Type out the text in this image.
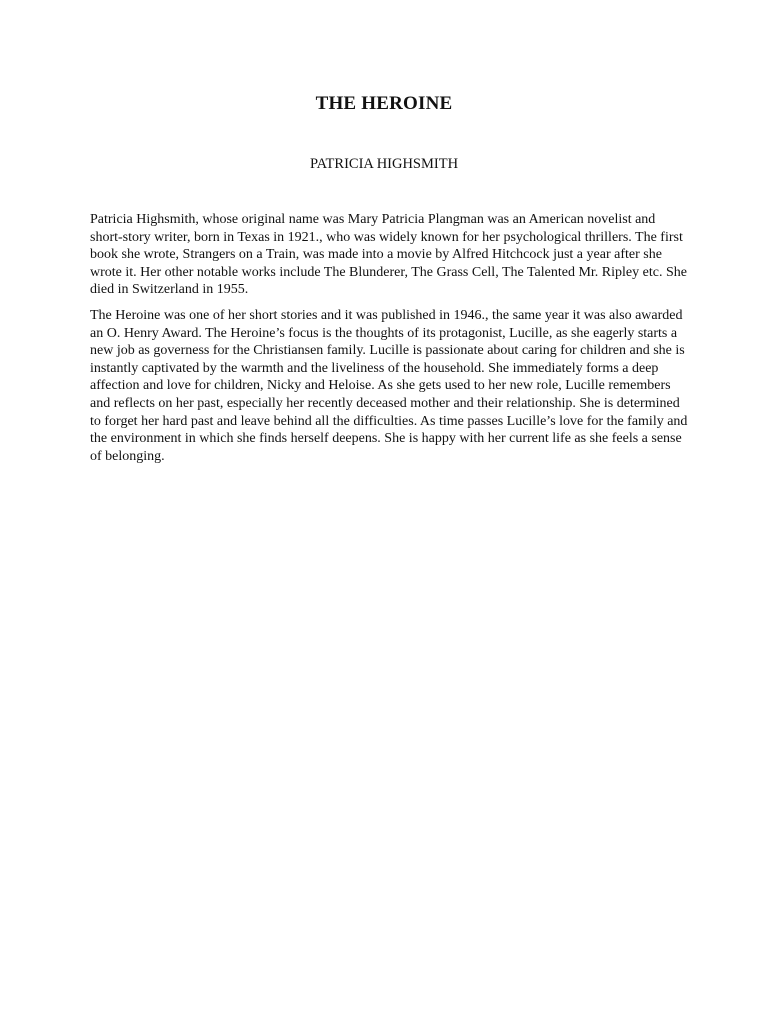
THE HEROINE

PATRICIA HIGHSMITH

Patricia Highsmith, whose original name was Mary Patricia Plangman was an American novelist and short-story writer, born in Texas in 1921., who was widely known for her psychological thrillers. The first book she wrote, Strangers on a Train, was made into a movie by Alfred Hitchcock just a year after she wrote it. Her other notable works include The Blunderer, The Grass Cell, The Talented Mr. Ripley etc. She died in Switzerland in 1955.

The Heroine was one of her short stories and it was published in 1946., the same year it was also awarded an O. Henry Award. The Heroine’s focus is the thoughts of its protagonist, Lucille, as she eagerly starts a new job as governess for the Christiansen family. Lucille is passionate about caring for children and she is instantly captivated by the warmth and the liveliness of the household. She immediately forms a deep affection and love for children, Nicky and Heloise. As she gets used to her new role, Lucille remembers and reflects on her past, especially her recently deceased mother and their relationship. She is determined to forget her hard past and leave behind all the difficulties. As time passes Lucille’s love for the family and the environment in which she finds herself deepens. She is happy with her current life as she feels a sense of belonging.
